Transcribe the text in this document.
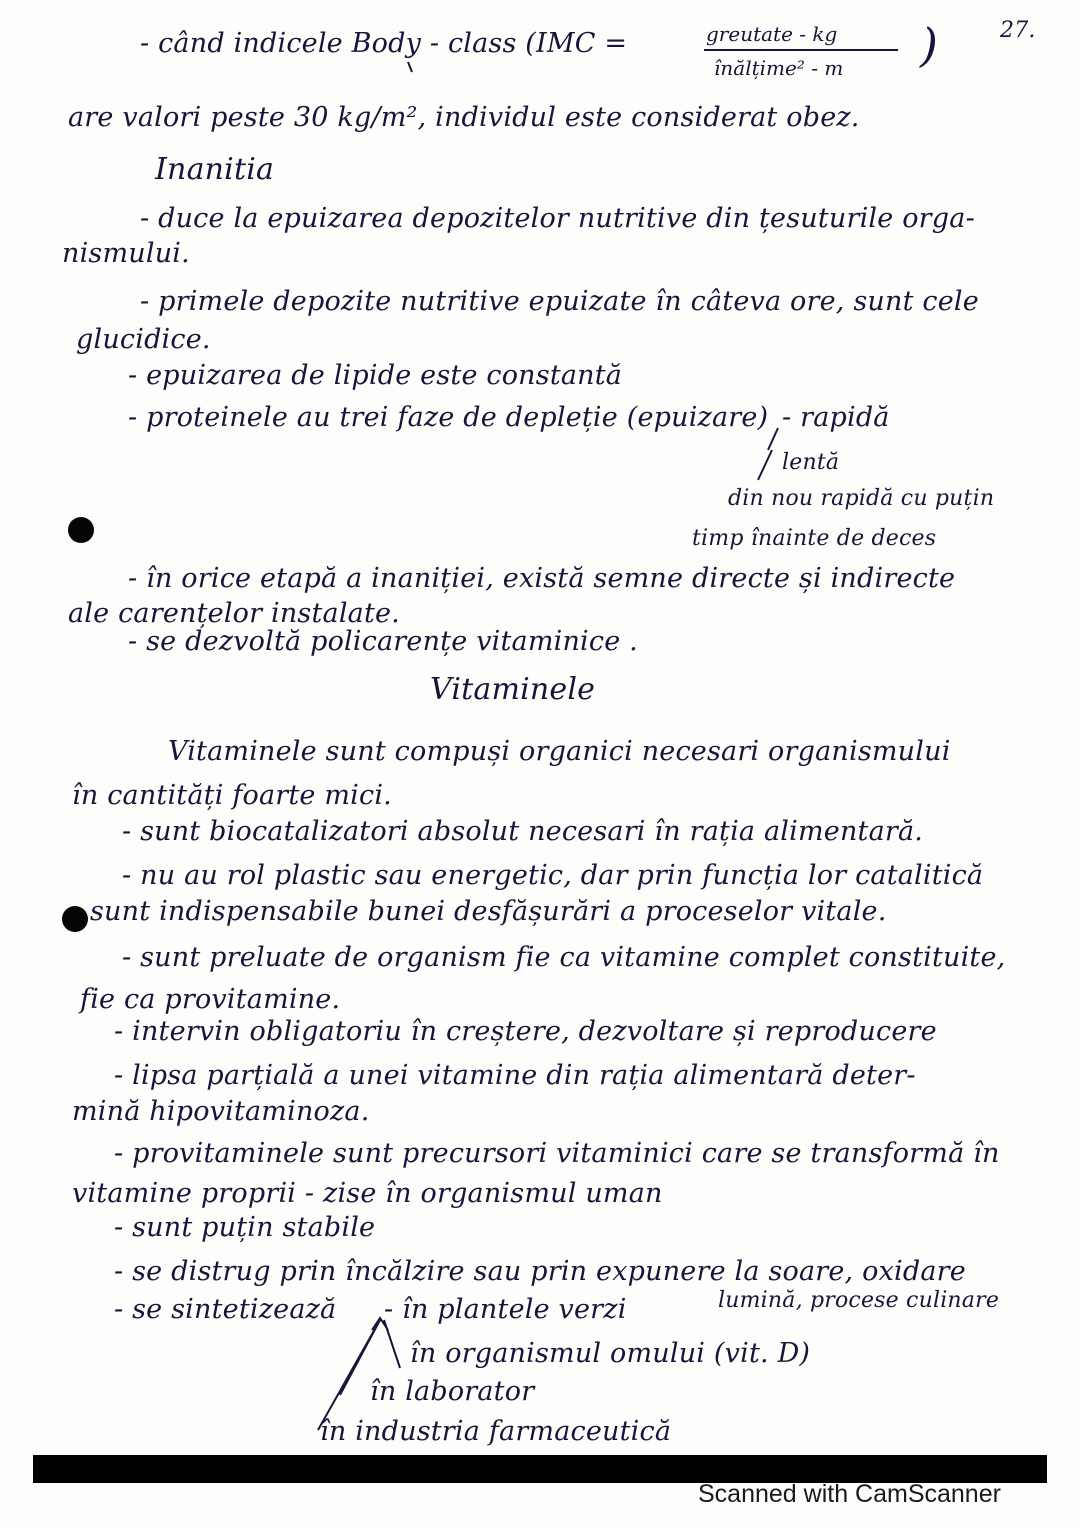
- când indicele Body - class (IMC =	greutate - kg
înălțime² - m )	27.
are valori peste 30 kg/m², individul este considerat obez.
Inanitia
- duce la epuizarea depozitelor nutritive din țesuturile orga-
nismului.
- primele depozite nutritive epuizate în câteva ore, sunt cele
glucidice.
- epuizarea de lipide este constantă
- proteinele au trei faze de depleție (epuizare) - rapidă
lentă
din nou rapidă cu puțin
timp înainte de deces
- în orice etapă a inaniției, există semne directe și indirecte
ale carențelor instalate.
- se dezvoltă policarențe vitaminice .
Vitaminele
Vitaminele sunt compuși organici necesari organismului
în cantități foarte mici.
- sunt biocatalizatori absolut necesari în rația alimentară.
- nu au rol plastic sau energetic, dar prin funcția lor catalitică
sunt indispensabile bunei desfășurări a proceselor vitale.
- sunt preluate de organism fie ca vitamine complet constituite,
fie ca provitamine.
- intervin obligatoriu în creștere, dezvoltare și reproducere
- lipsa parțială a unei vitamine din rația alimentară deter-
mină hipovitaminoza.
- provitaminele sunt precursori vitaminici care se transformă în
vitamine proprii - zise în organismul uman
- sunt puțin stabile
- se distrug prin încălzire sau prin expunere la soare, oxidare
lumină, procese culinare
- se sintetizează - în plantele verzi
în organismul omului (vit. D)
în laborator
în industria farmaceutică
Scanned with CamScanner
